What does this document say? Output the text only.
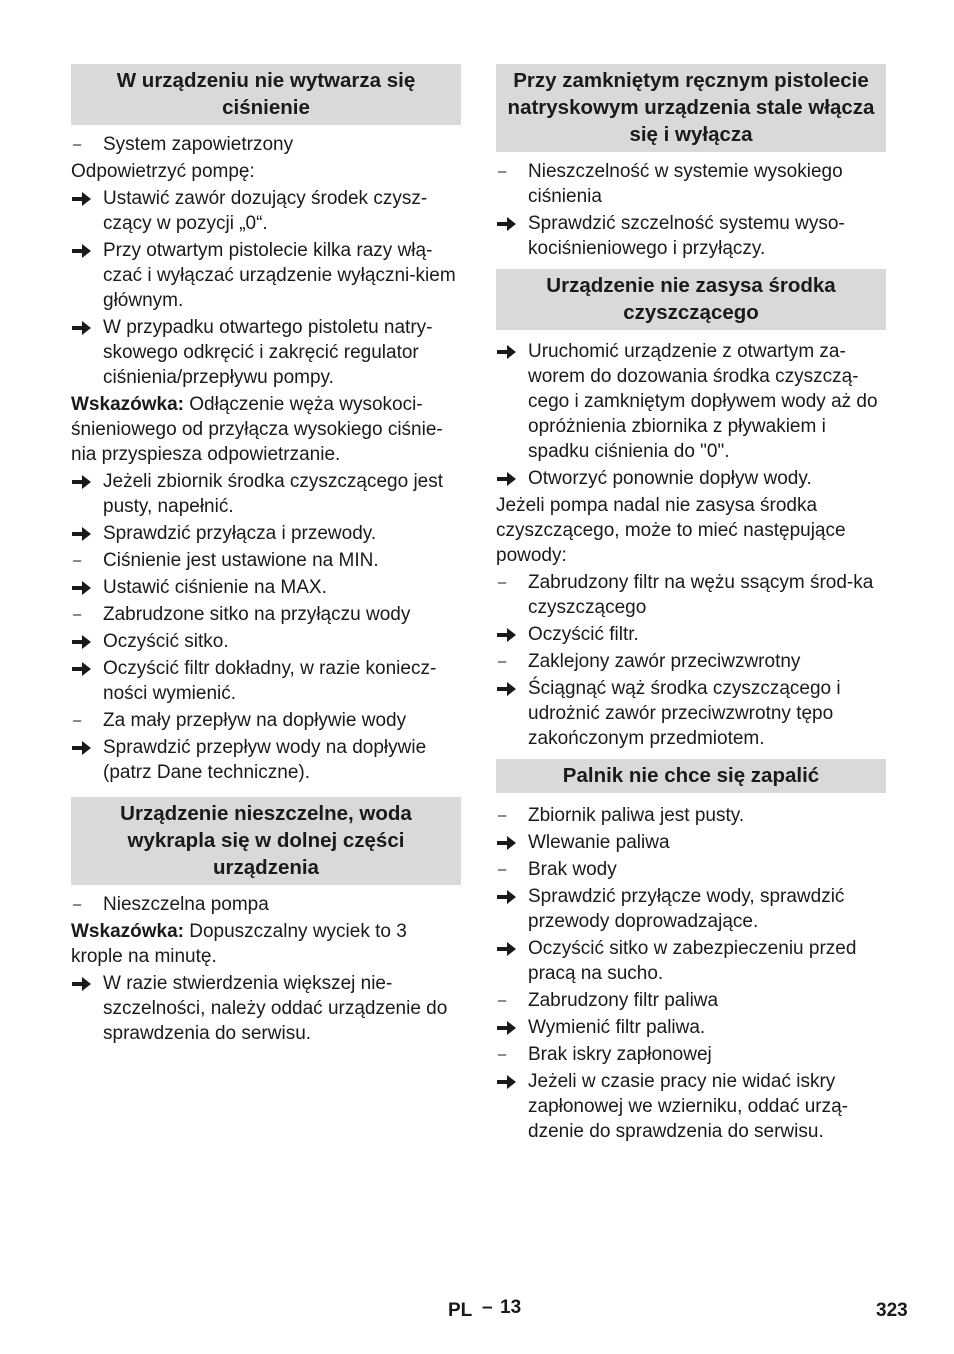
W urządzeniu nie wytwarza się ciśnienie
–	System zapowietrzony
Odpowietrzyć pompę:
Ustawić zawór dozujący środek czysz-czący w pozycji „0“.
Przy otwartym pistolecie kilka razy włą-czać i wyłączać urządzenie wyłączni-kiem głównym.
W przypadku otwartego pistoletu natry-skowego odkręcić i zakręcić regulator ciśnienia/przepływu pompy.
Wskazówka: Odłączenie węża wysokoci-śnieniowego od przyłącza wysokiego ciśnie-nia przyspiesza odpowietrzanie.
Jeżeli zbiornik środka czyszczącego jest pusty, napełnić.
Sprawdzić przyłącza i przewody.
–	Ciśnienie jest ustawione na MIN.
Ustawić ciśnienie na MAX.
–	Zabrudzone sitko na przyłączu wody
Oczyścić sitko.
Oczyścić filtr dokładny, w razie koniecz-ności wymienić.
–	Za mały przepływ na dopływie wody
Sprawdzić przepływ wody na dopływie (patrz Dane techniczne).
Urządzenie nieszczelne, woda wykrapla się w dolnej części urządzenia
–	Nieszczelna pompa
Wskazówka: Dopuszczalny wyciek to 3 krople na minutę.
W razie stwierdzenia większej nie-szczelności, należy oddać urządzenie do sprawdzenia do serwisu.
Przy zamkniętym ręcznym pistolecie natryskowym urządzenia stale włącza się i wyłącza
–	Nieszczelność w systemie wysokiego ciśnienia
Sprawdzić szczelność systemu wyso-kociśnieniowego i przyłączy.
Urządzenie nie zasysa środka czyszczącego
Uruchomić urządzenie z otwartym za-worem do dozowania środka czyszczą-cego i zamkniętym dopływem wody aż do opróżnienia zbiornika z pływakiem i spadku ciśnienia do "0".
Otworzyć ponownie dopływ wody.
Jeżeli pompa nadal nie zasysa środka czyszczącego, może to mieć następujące powody:
–	Zabrudzony filtr na wężu ssącym środ-ka czyszczącego
Oczyścić filtr.
–	Zaklejony zawór przeciwzwrotny
Ściągnąć wąż środka czyszczącego i udrożnić zawór przeciwzwrotny tępo zakończonym przedmiotem.
Palnik nie chce się zapalić
–	Zbiornik paliwa jest pusty.
Wlewanie paliwa
–	Brak wody
Sprawdzić przyłącze wody, sprawdzić przewody doprowadzające.
Oczyścić sitko w zabezpieczeniu przed pracą na sucho.
–	Zabrudzony filtr paliwa
Wymienić filtr paliwa.
–	Brak iskry zapłonowej
Jeżeli w czasie pracy nie widać iskry zapłonowej we wzierniku, oddać urzą-dzenie do sprawdzenia do serwisu.
PL – 13	323
